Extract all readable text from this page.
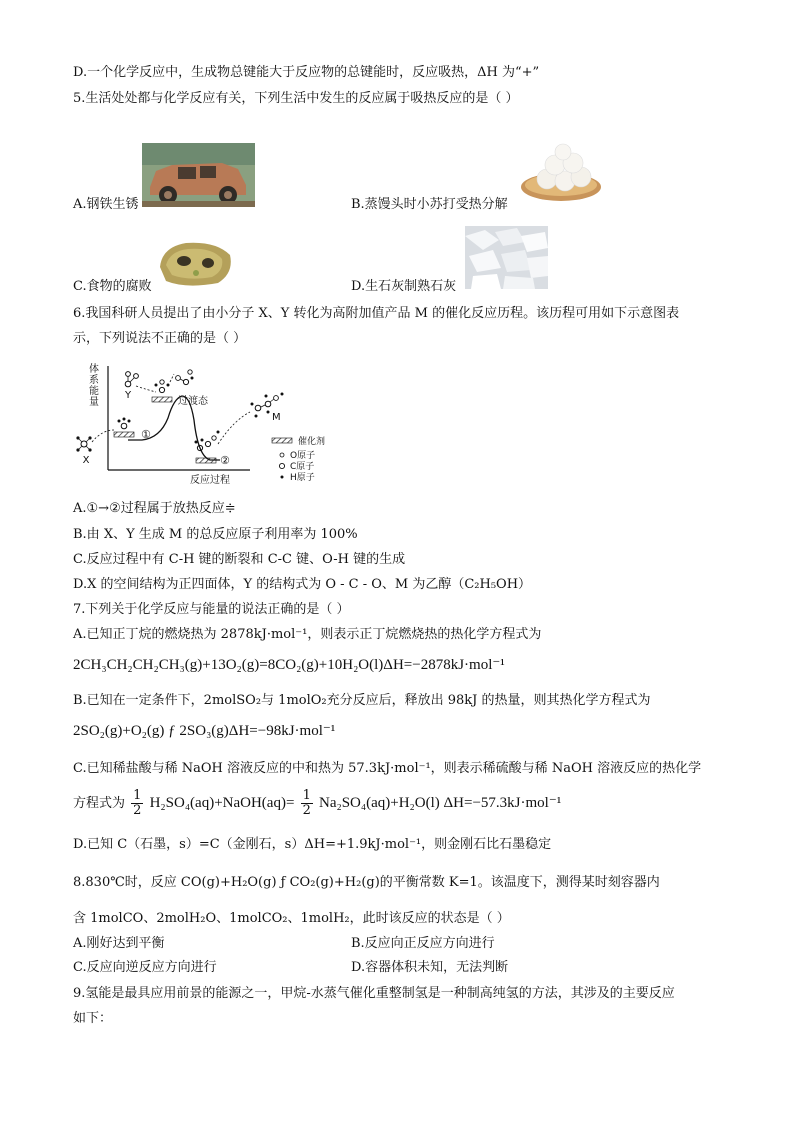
D.一个化学反应中，生成物总键能大于反应物的总键能时，反应吸热，ΔH 为“+”
5.生活处处都与化学反应有关，下列生活中发生的反应属于吸热反应的是（ ）
A.钢铁生锈	B.蒸馒头时小苏打受热分解
C.食物的腐败	D.生石灰制熟石灰
6.我国科研人员提出了由小分子 X、Y 转化为高附加值产品 M 的催化反应历程。该历程可用如下示意图表
示，下列说法不正确的是（ ）
体
系
能
量
反应过程
①
②
过渡态
X
Y
M
催化剂
O原子
C原子
H原子
A.①→②过程属于放热反应≑
B.由 X、Y 生成 M 的总反应原子利用率为 100%
C.反应过程中有 C-H 键的断裂和 C-C 键、O-H 键的生成
D.X 的空间结构为正四面体，Y 的结构式为 O - C - O、M 为乙醇（C₂H₅OH）
7.下列关于化学反应与能量的说法正确的是（ ）
A.已知正丁烷的燃烧热为 2878kJ·mol⁻¹，则表示正丁烷燃烧热的热化学方程式为
2CH₃CH₂CH₂CH₃(g)+13O₂(g)=8CO₂(g)+10H₂O(l)ΔH=−2878kJ·mol⁻¹
B.已知在一定条件下，2molSO₂与 1molO₂充分反应后，释放出 98kJ 的热量，则其热化学方程式为
2SO₂(g)+O₂(g) ƒ 2SO₃(g)ΔH=−98kJ·mol⁻¹
C.已知稀盐酸与稀 NaOH 溶液反应的中和热为 57.3kJ·mol⁻¹，则表示稀硫酸与稀 NaOH 溶液反应的热化学
方程式为 $\frac{1}{2}$ H₂SO₄(aq)+NaOH(aq)= $\frac{1}{2} Na_2SO_4(aq)+H_2O(l)$ ΔH=−57.3kJ·mol⁻¹
D.已知 C（石墨，s）=C（金刚石，s）ΔH=+1.9kJ·mol⁻¹，则金刚石比石墨稳定
8.830℃时，反应 CO(g)+H₂O(g) ƒ CO₂(g)+H₂(g)的平衡常数 K=1。该温度下，测得某时刻容器内
含 1molCO、2molH₂O、1molCO₂、1molH₂，此时该反应的状态是（ ）
A.刚好达到平衡	B.反应向正反应方向进行
C.反应向逆反应方向进行	D.容器体积未知，无法判断
9.氢能是最具应用前景的能源之一，甲烷-水蒸气催化重整制氢是一种制高纯氢的方法，其涉及的主要反应
如下：
